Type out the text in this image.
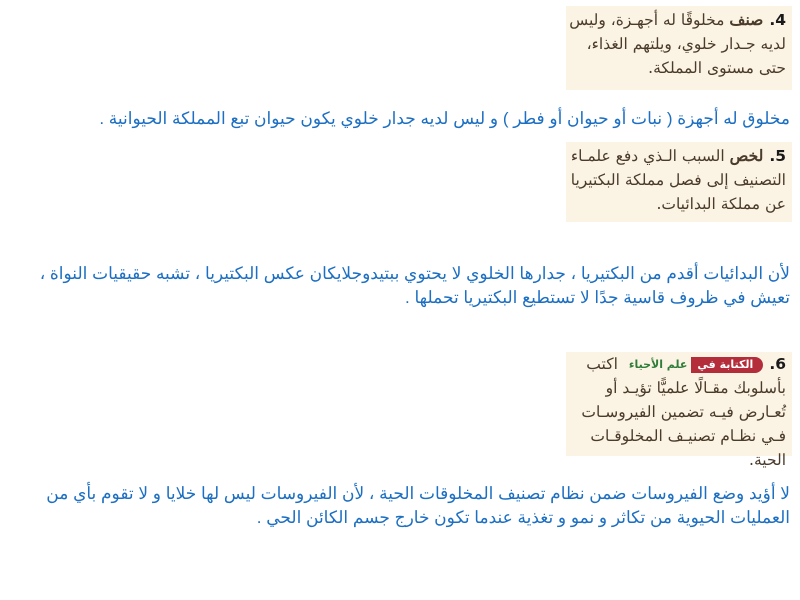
4.صنف مخلوقًا له أجهـزة، وليس
لديه جـدار خلوي، ويلتهم الغذاء،
حتى مستوى المملكة.
مخلوق له أجهزة ( نبات أو حيوان أو فطر ) و ليس لديه جدار خلوي يكون حيوان تبع المملكة الحيوانية .
5.لخص السبب الـذي دفع علمـاء
التصنيف إلى فصل مملكة البكتيريا
عن مملكة البدائيات.
لأن البدائيات أقدم من البكتيريا ، جدارها الخلوي لا يحتوي ببتيدوجلايكان عكس البكتيريا ، تشبه حقيقيات النواة ،
تعيش في ظروف قاسية جدًا لا تستطيع البكتيريا تحملها .
6.الكتابة فيعلم الأحياء اكتب
بأسلوبك مقـالًا علميًّا تؤيـد أو
تُعـارض فيـه تضمين الفيروسـات
فـي نظـام تصنيـف المخلوقـات
الحية.
لا أؤيد وضع الفيروسات ضمن نظام تصنيف المخلوقات الحية ، لأن الفيروسات ليس لها خلايا و لا تقوم بأي من
العمليات الحيوية من تكاثر و نمو و تغذية عندما تكون خارج جسم الكائن الحي .
